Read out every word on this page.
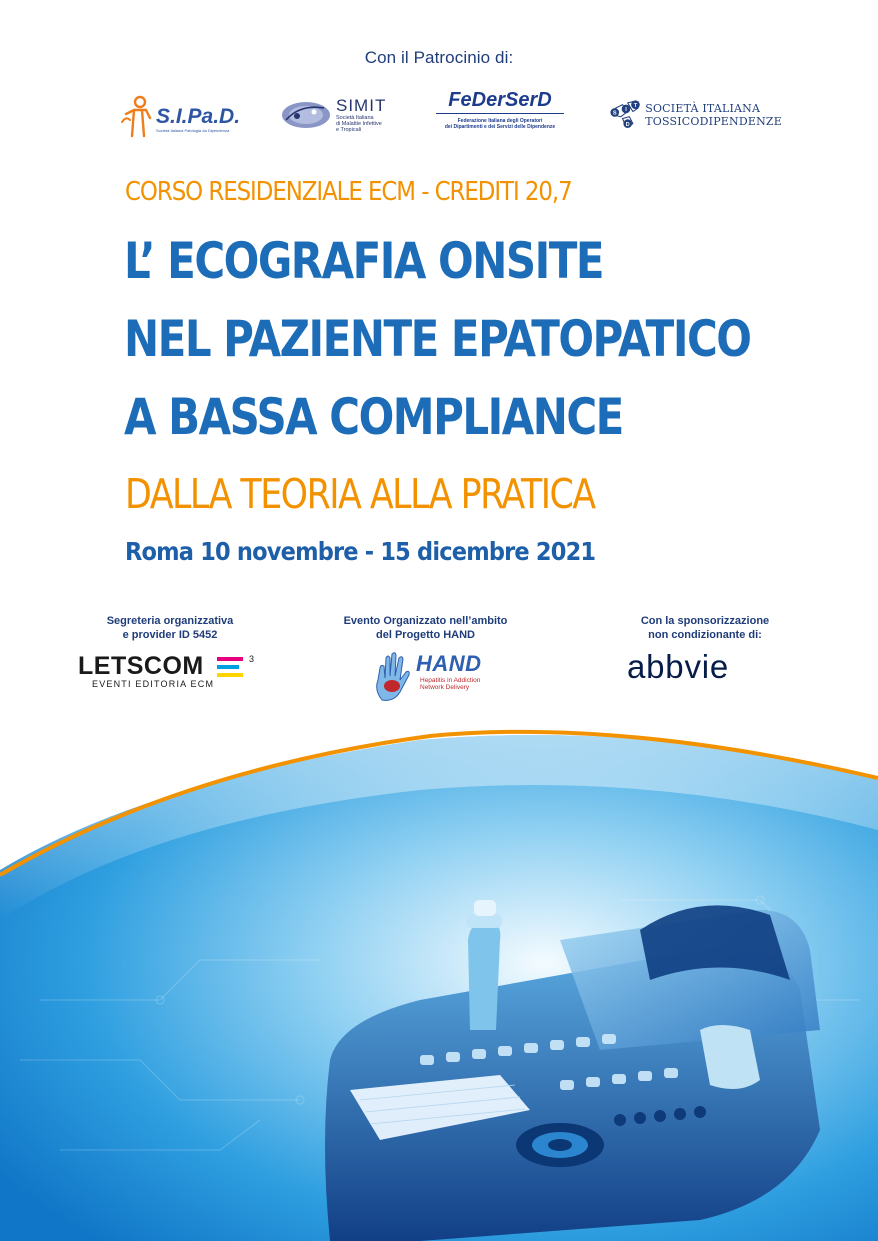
Con il Patrocinio di:
S.I.Pa.D.
Società Italiana Patologia da Dipendenza
SIMIT
Società Italiana
di Malattie Infettive
e Tropicali
FeDerSerD
Federazione Italiana degli Operatori
dei Dipartimenti e dei Servizi delle Dipendenze
S
I
T
D
SOCIETÀ ITALIANA
TOSSICODIPENDENZE
CORSO RESIDENZIALE ECM - CREDITI 20,7
L’ ECOGRAFIA ONSITE
NEL PAZIENTE EPATOPATICO
A BASSA COMPLIANCE
DALLA TEORIA ALLA PRATICA
Roma 10 novembre - 15 dicembre 2021
Segreteria organizzativa
e provider ID 5452
Evento Organizzato nell’ambito
del Progetto HAND
Con la sponsorizzazione
non condizionante di:
LETSCOM
EVENTI EDITORIA ECM
3	HAND
Hepatitis in Addiction
Network Delivery
abbvie
